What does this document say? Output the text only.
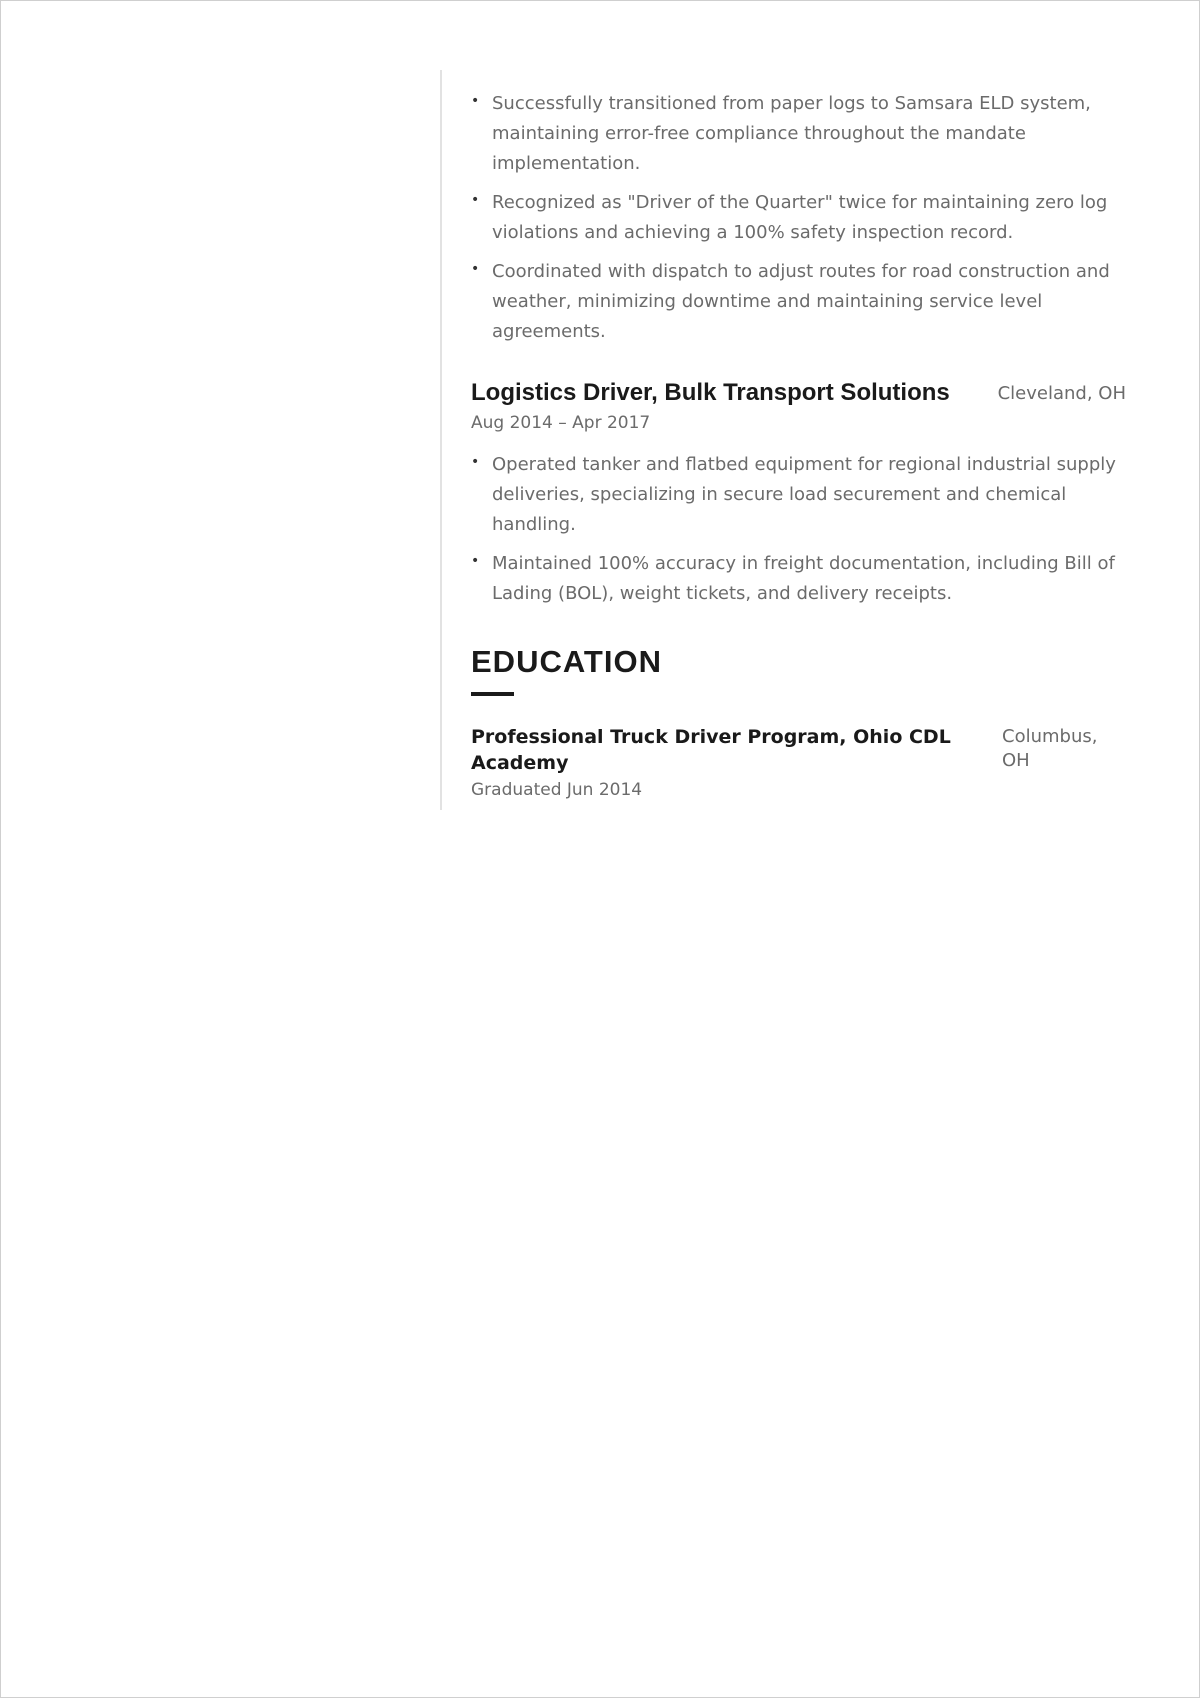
• Successfully transitioned from paper logs to Samsara ELD system, maintaining error-free compliance throughout the mandate implementation.
• Recognized as "Driver of the Quarter" twice for maintaining zero log violations and achieving a 100% safety inspection record.
• Coordinated with dispatch to adjust routes for road construction and weather, minimizing downtime and maintaining service level agreements.
Logistics Driver, Bulk Transport Solutions	Cleveland, OH
Aug 2014 – Apr 2017
• Operated tanker and flatbed equipment for regional industrial supply deliveries, specializing in secure load securement and chemical handling.
• Maintained 100% accuracy in freight documentation, including Bill of Lading (BOL), weight tickets, and delivery receipts.
EDUCATION
Professional Truck Driver Program, Ohio CDL Academy
Columbus, OH
Graduated Jun 2014
